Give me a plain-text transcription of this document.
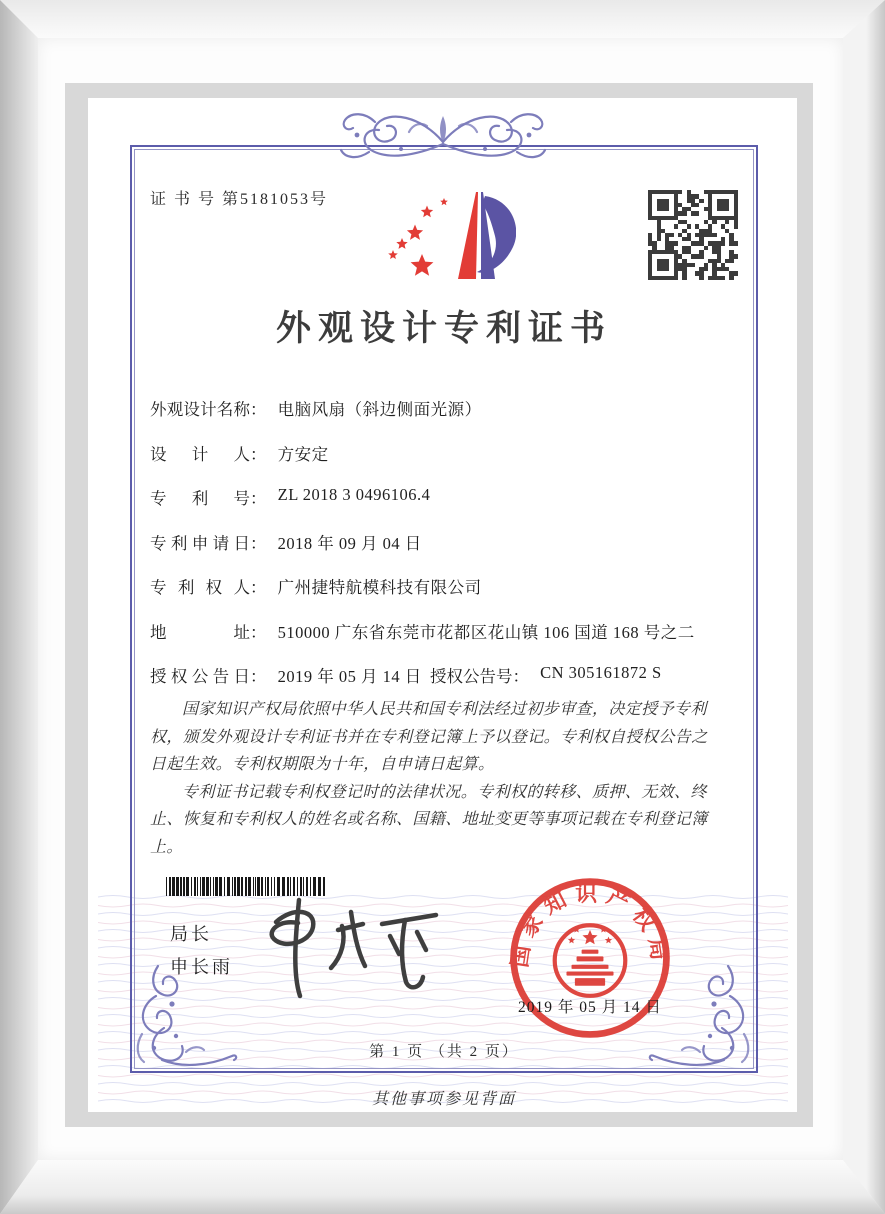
证 书 号 第5181053号
外观设计专利证书
外观设计名称： 电脑风扇（斜边侧面光源）
设计人： 方安定
专利号： ZL 2018 3 0496106.4
专利申请日： 2018 年 09 月 04 日
专利权人： 广州捷特航模科技有限公司
地址： 510000 广东省东莞市花都区花山镇 106 国道 168 号之二
授权公告日： 2019 年 05 月 14 日 授权公告号： CN 305161872 S

国家知识产权局依照中华人民共和国专利法经过初步审查，决定授予专利权，颁发外观设计专利证书并在专利登记簿上予以登记。专利权自授权公告之日起生效。专利权期限为十年，自申请日起算。

专利证书记载专利权登记时的法律状况。专利权的转移、质押、无效、终止、恢复和专利权人的姓名或名称、国籍、地址变更等事项记载在专利登记簿上。

局长
申长雨	国家知识产权局
2019 年 05 月 14 日
第 1 页 （共 2 页）
其他事项参见背面
